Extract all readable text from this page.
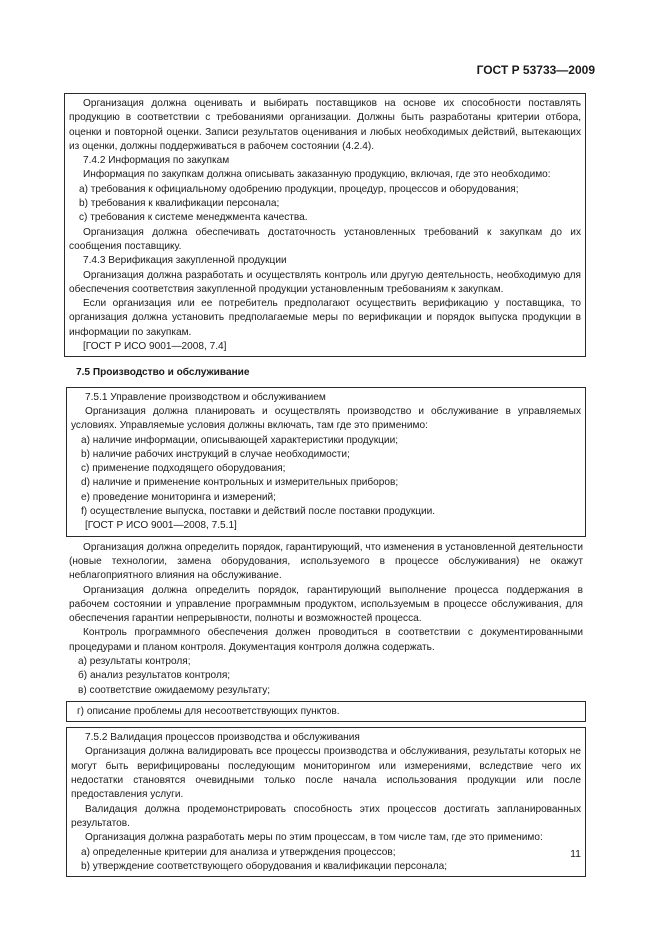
ГОСТ Р 53733—2009

Организация должна оценивать и выбирать поставщиков на основе их способности поставлять продукцию в соответствии с требованиями организации. Должны быть разработаны критерии отбора, оценки и повторной оценки. Записи результатов оценивания и любых необходимых действий, вытекающих из оценки, должны поддерживаться в рабочем состоянии (4.2.4).

7.4.2 Информация по закупкам

Информация по закупкам должна описывать заказанную продукцию, включая, где это необходимо:

a) требования к официальному одобрению продукции, процедур, процессов и оборудования;

b) требования к квалификации персонала;

c) требования к системе менеджмента качества.

Организация должна обеспечивать достаточность установленных требований к закупкам до их сообщения поставщику.

7.4.3 Верификация закупленной продукции

Организация должна разработать и осуществлять контроль или другую деятельность, необходимую для обеспечения соответствия закупленной продукции установленным требованиям к закупкам.

Если организация или ее потребитель предполагают осуществить верификацию у поставщика, то организация должна установить предполагаемые меры по верификации и порядок выпуска продукции в информации по закупкам.

[ГОСТ Р ИСО 9001—2008, 7.4]

7.5 Производство и обслуживание

7.5.1 Управление производством и обслуживанием

Организация должна планировать и осуществлять производство и обслуживание в управляемых условиях. Управляемые условия должны включать, там где это применимо:

a) наличие информации, описывающей характеристики продукции;

b) наличие рабочих инструкций в случае необходимости;

c) применение подходящего оборудования;

d) наличие и применение контрольных и измерительных приборов;

e) проведение мониторинга и измерений;

f) осуществление выпуска, поставки и действий после поставки продукции.

[ГОСТ Р ИСО 9001—2008, 7.5.1]

Организация должна определить порядок, гарантирующий, что изменения в установленной деятельности (новые технологии, замена оборудования, используемого в процессе обслуживания) не окажут неблагоприятного влияния на обслуживание.

Организация должна определить порядок, гарантирующий выполнение процесса поддержания в рабочем состоянии и управление программным продуктом, используемым в процессе обслуживания, для обеспечения гарантии непрерывности, полноты и возможностей процесса.

Контроль программного обеспечения должен проводиться в соответствии с документированными процедурами и планом контроля. Документация контроля должна содержать.

а) результаты контроля;

б) анализ результатов контроля;

в) соответствие ожидаемому результату;

г) описание проблемы для несоответствующих пунктов.

7.5.2 Валидация процессов производства и обслуживания

Организация должна валидировать все процессы производства и обслуживания, результаты которых не могут быть верифицированы последующим мониторингом или измерениями, вследствие чего их недостатки становятся очевидными только после начала использования продукции или после предоставления услуги.

Валидация должна продемонстрировать способность этих процессов достигать запланированных результатов.

Организация должна разработать меры по этим процессам, в том числе там, где это применимо:

a) определенные критерии для анализа и утверждения процессов;

b) утверждение соответствующего оборудования и квалификации персонала;

11
